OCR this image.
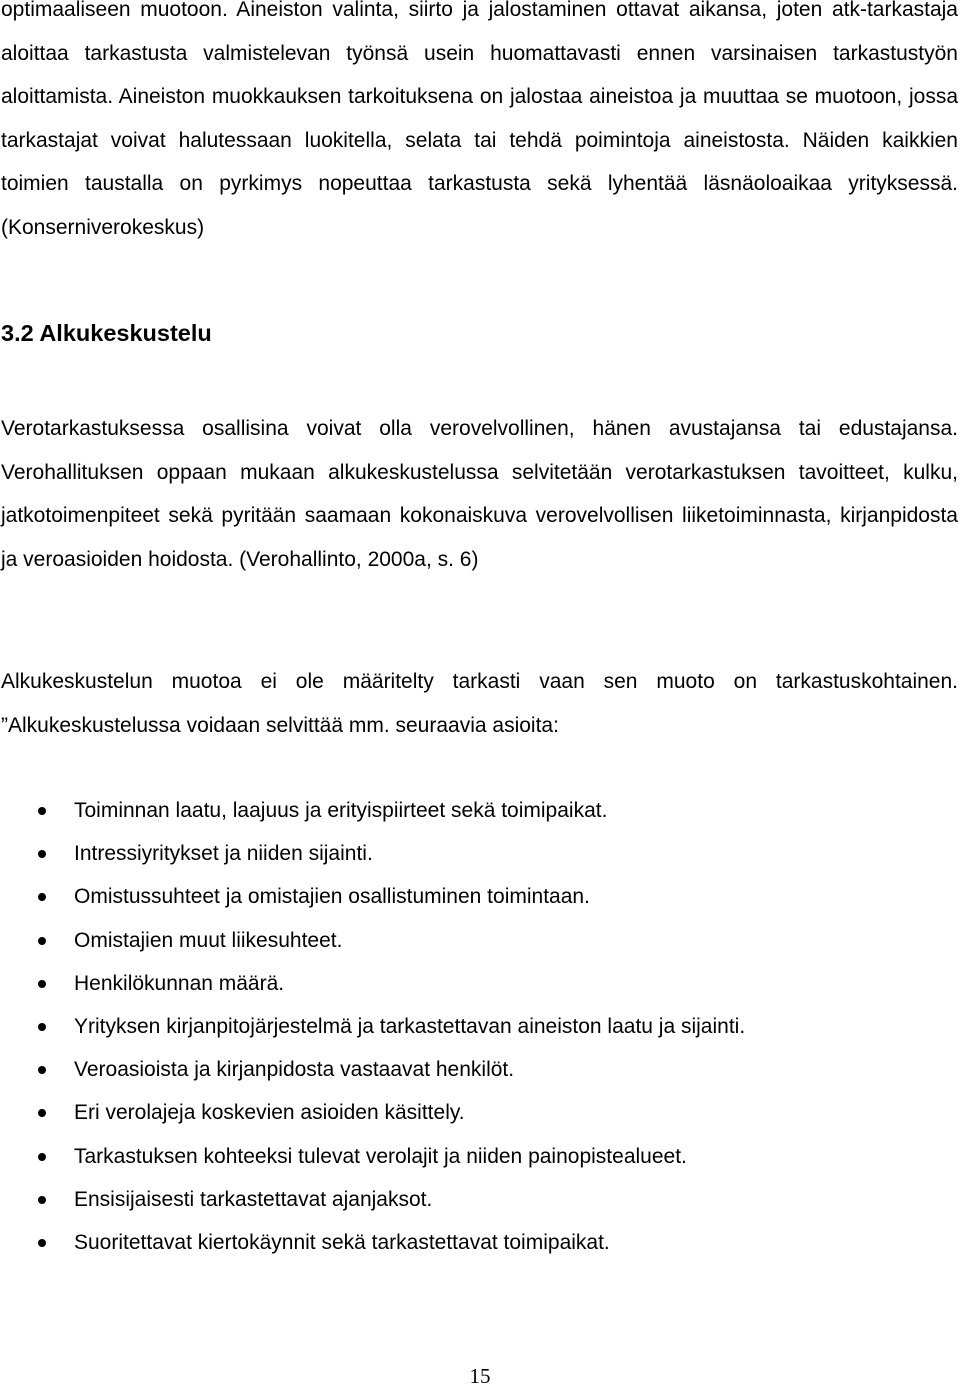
optimaaliseen muotoon. Aineiston valinta, siirto ja jalostaminen ottavat aikansa, joten atk-tarkastaja aloittaa tarkastusta valmistelevan työnsä usein huomattavasti ennen varsinaisen tarkastustyön aloittamista. Aineiston muokkauksen tarkoituksena on jalostaa aineistoa ja muuttaa se muotoon, jossa tarkastajat voivat halutessaan luokitella, selata tai tehdä poimintoja aineistosta. Näiden kaikkien toimien taustalla on pyrkimys nopeuttaa tarkastusta sekä lyhentää läsnäoloaikaa yrityksessä. (Konserniverokeskus)

3.2 Alkukeskustelu

Verotarkastuksessa osallisina voivat olla verovelvollinen, hänen avustajansa tai edustajansa. Verohallituksen oppaan mukaan alkukeskustelussa selvitetään verotarkastuksen tavoitteet, kulku, jatkotoimenpiteet sekä pyritään saamaan kokonaiskuva verovelvollisen liiketoiminnasta, kirjanpidosta ja veroasioiden hoidosta. (Verohallinto, 2000a, s. 6)

Alkukeskustelun muotoa ei ole määritelty tarkasti vaan sen muoto on tarkastuskohtainen. ”Alkukeskustelussa voidaan selvittää mm. seuraavia asioita:

Toiminnan laatu, laajuus ja erityispiirteet sekä toimipaikat.
Intressiyritykset ja niiden sijainti.
Omistussuhteet ja omistajien osallistuminen toimintaan.
Omistajien muut liikesuhteet.
Henkilökunnan määrä.
Yrityksen kirjanpitojärjestelmä ja tarkastettavan aineiston laatu ja sijainti.
Veroasioista ja kirjanpidosta vastaavat henkilöt.
Eri verolajeja koskevien asioiden käsittely.
Tarkastuksen kohteeksi tulevat verolajit ja niiden painopistealueet.
Ensisijaisesti tarkastettavat ajanjaksot.
Suoritettavat kiertokäynnit sekä tarkastettavat toimipaikat.
15
